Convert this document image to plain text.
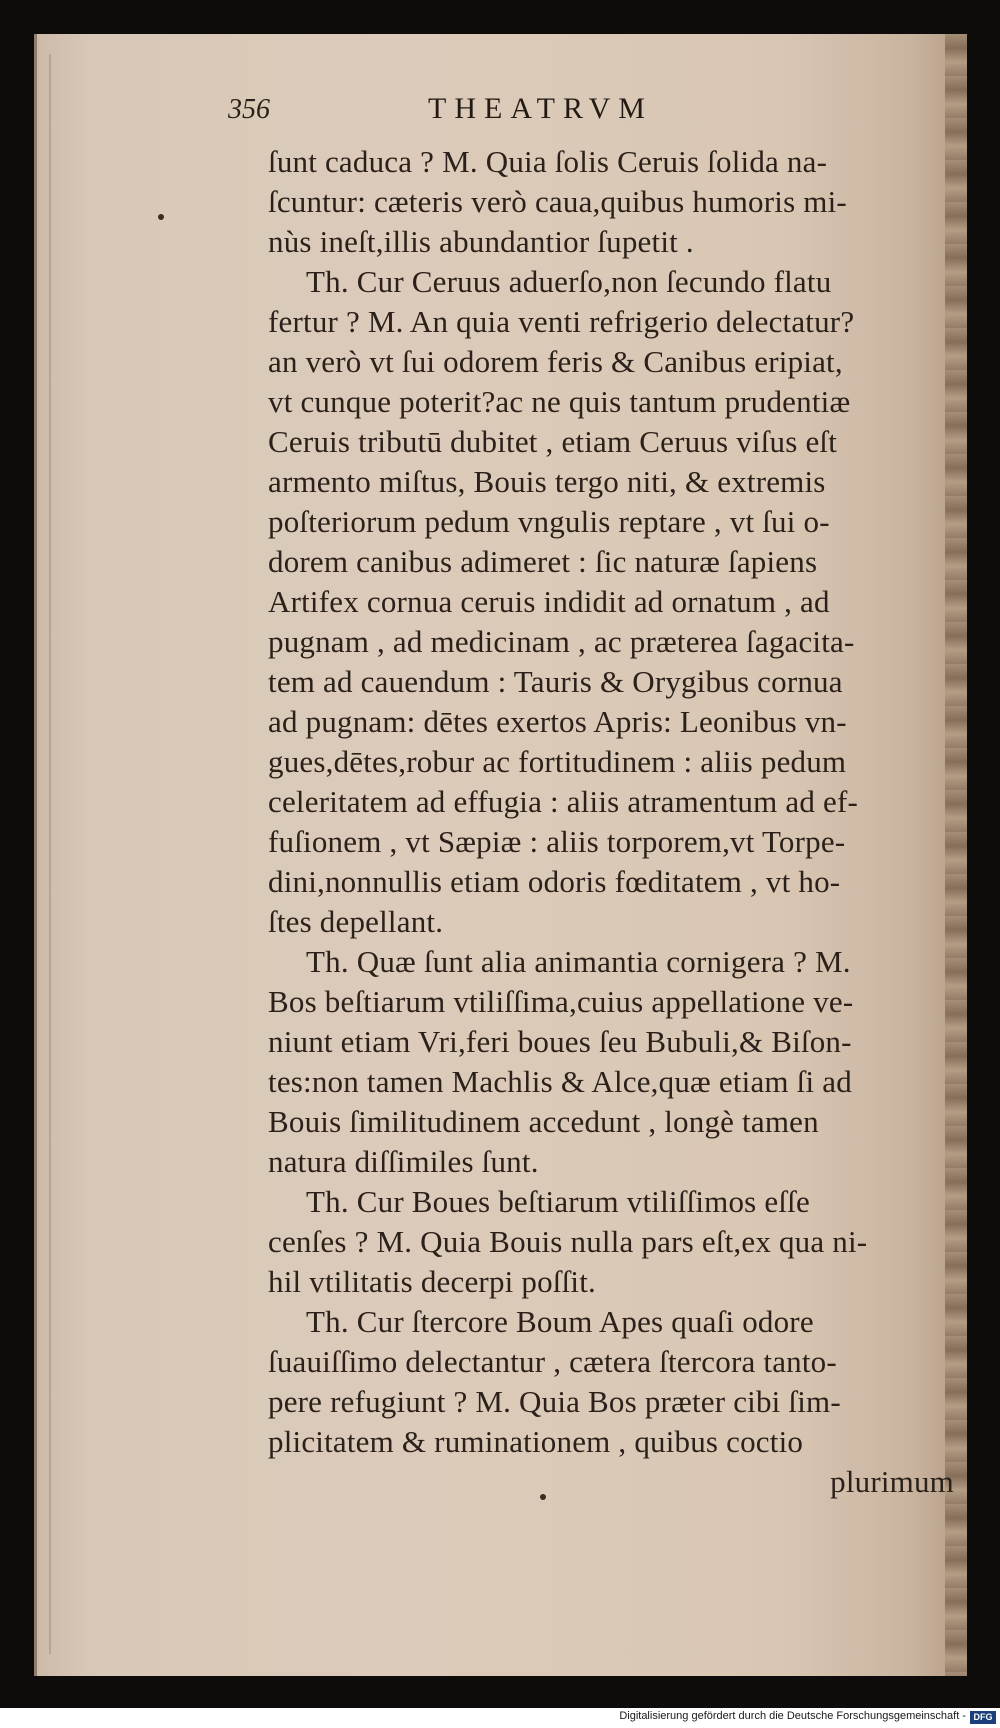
356	THEATRVM
ſunt caduca ? M. Quia ſolis Ceruis ſolida na-
ſcuntur: cæteris verò caua,quibus humoris mi-
nùs ineſt,illis abundantior ſupetit .
Th. Cur Ceruus aduerſo,non ſecundo flatu
fertur ? M. An quia venti refrigerio delectatur?
an verò vt ſui odorem feris & Canibus eripiat,
vt cunque poterit?ac ne quis tantum prudentiæ
Ceruis tributū dubitet , etiam Ceruus viſus eſt
armento miſtus, Bouis tergo niti, & extremis
poſteriorum pedum vngulis reptare , vt ſui o-
dorem canibus adimeret : ſic naturæ ſapiens
Artifex cornua ceruis indidit ad ornatum , ad
pugnam , ad medicinam , ac præterea ſagacita-
tem ad cauendum : Tauris & Orygibus cornua
ad pugnam: dētes exertos Apris: Leonibus vn-
gues,dētes,robur ac fortitudinem : aliis pedum
celeritatem ad effugia : aliis atramentum ad ef-
fuſionem , vt Sæpiæ : aliis torporem,vt Torpe-
dini,nonnullis etiam odoris fœditatem , vt ho-
ſtes depellant.
Th. Quæ ſunt alia animantia cornigera ? M.
Bos beſtiarum vtiliſſima,cuius appellatione ve-
niunt etiam Vri,feri boues ſeu Bubuli,& Biſon-
tes:non tamen Machlis & Alce,quæ etiam ſi ad
Bouis ſimilitudinem accedunt , longè tamen
natura diſſimiles ſunt.
Th. Cur Boues beſtiarum vtiliſſimos eſſe
cenſes ? M. Quia Bouis nulla pars eſt,ex qua ni-
hil vtilitatis decerpi poſſit.
Th. Cur ſtercore Boum Apes quaſi odore
ſuauiſſimo delectantur , cætera ſtercora tanto-
pere refugiunt ? M. Quia Bos præter cibi ſim-
plicitatem & ruminationem , quibus coctio
plurimum
Digitalisierung gefördert durch die Deutsche Forschungsgemeinschaft - DFG
